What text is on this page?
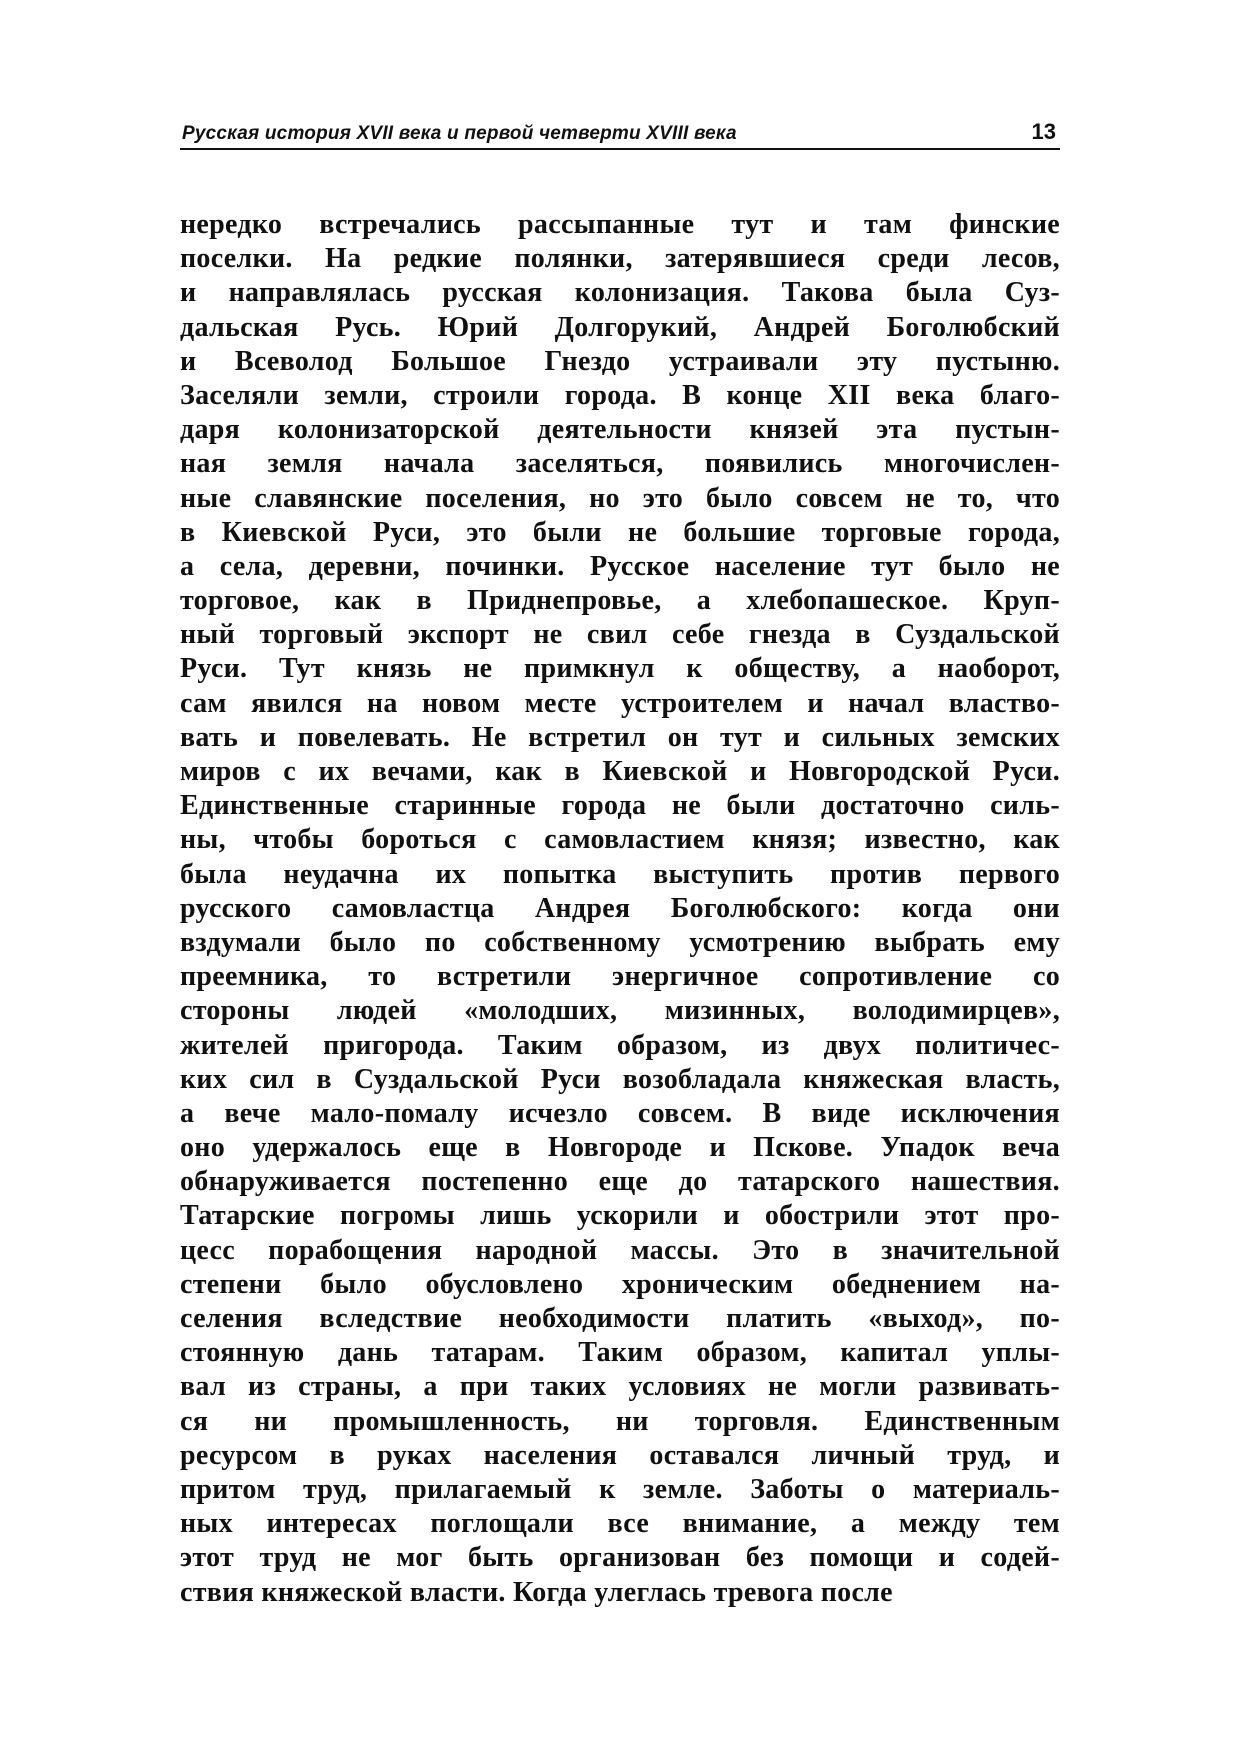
Русская история XVII века и первой четверти XVIII века	13
нередко встречались рассыпанные тут и там финские
поселки. На редкие полянки, затерявшиеся среди лесов,
и направлялась русская колонизация. Такова была Суз-
дальская Русь. Юрий Долгорукий, Андрей Боголюбский
и Всеволод Большое Гнездо устраивали эту пустыню.
Заселяли земли, строили города. В конце XII века благо-
даря колонизаторской деятельности князей эта пустын-
ная земля начала заселяться, появились многочислен-
ные славянские поселения, но это было совсем не то, что
в Киевской Руси, это были не большие торговые города,
а села, деревни, починки. Русское население тут было не
торговое, как в Приднепровье, а хлебопашеское. Круп-
ный торговый экспорт не свил себе гнезда в Суздальской
Руси. Тут князь не примкнул к обществу, а наоборот,
сам явился на новом месте устроителем и начал властво-
вать и повелевать. Не встретил он тут и сильных земских
миров с их вечами, как в Киевской и Новгородской Руси.
Единственные старинные города не были достаточно силь-
ны, чтобы бороться с самовластием князя; известно, как
была неудачна их попытка выступить против первого
русского самовластца Андрея Боголюбского: когда они
вздумали было по собственному усмотрению выбрать ему
преемника, то встретили энергичное сопротивление со
стороны людей «молодших, мизинных, володимирцев»,
жителей пригорода. Таким образом, из двух политичес-
ких сил в Суздальской Руси возобладала княжеская власть,
а вече мало-помалу исчезло совсем. В виде исключения
оно удержалось еще в Новгороде и Пскове. Упадок веча
обнаруживается постепенно еще до татарского нашествия.
Татарские погромы лишь ускорили и обострили этот про-
цесс порабощения народной массы. Это в значительной
степени было обусловлено хроническим обеднением на-
селения вследствие необходимости платить «выход», по-
стоянную дань татарам. Таким образом, капитал уплы-
вал из страны, а при таких условиях не могли развивать-
ся ни промышленность, ни торговля. Единственным
ресурсом в руках населения оставался личный труд, и
притом труд, прилагаемый к земле. Заботы о материаль-
ных интересах поглощали все внимание, а между тем
этот труд не мог быть организован без помощи и содей-
ствия княжеской власти. Когда улеглась тревога после
